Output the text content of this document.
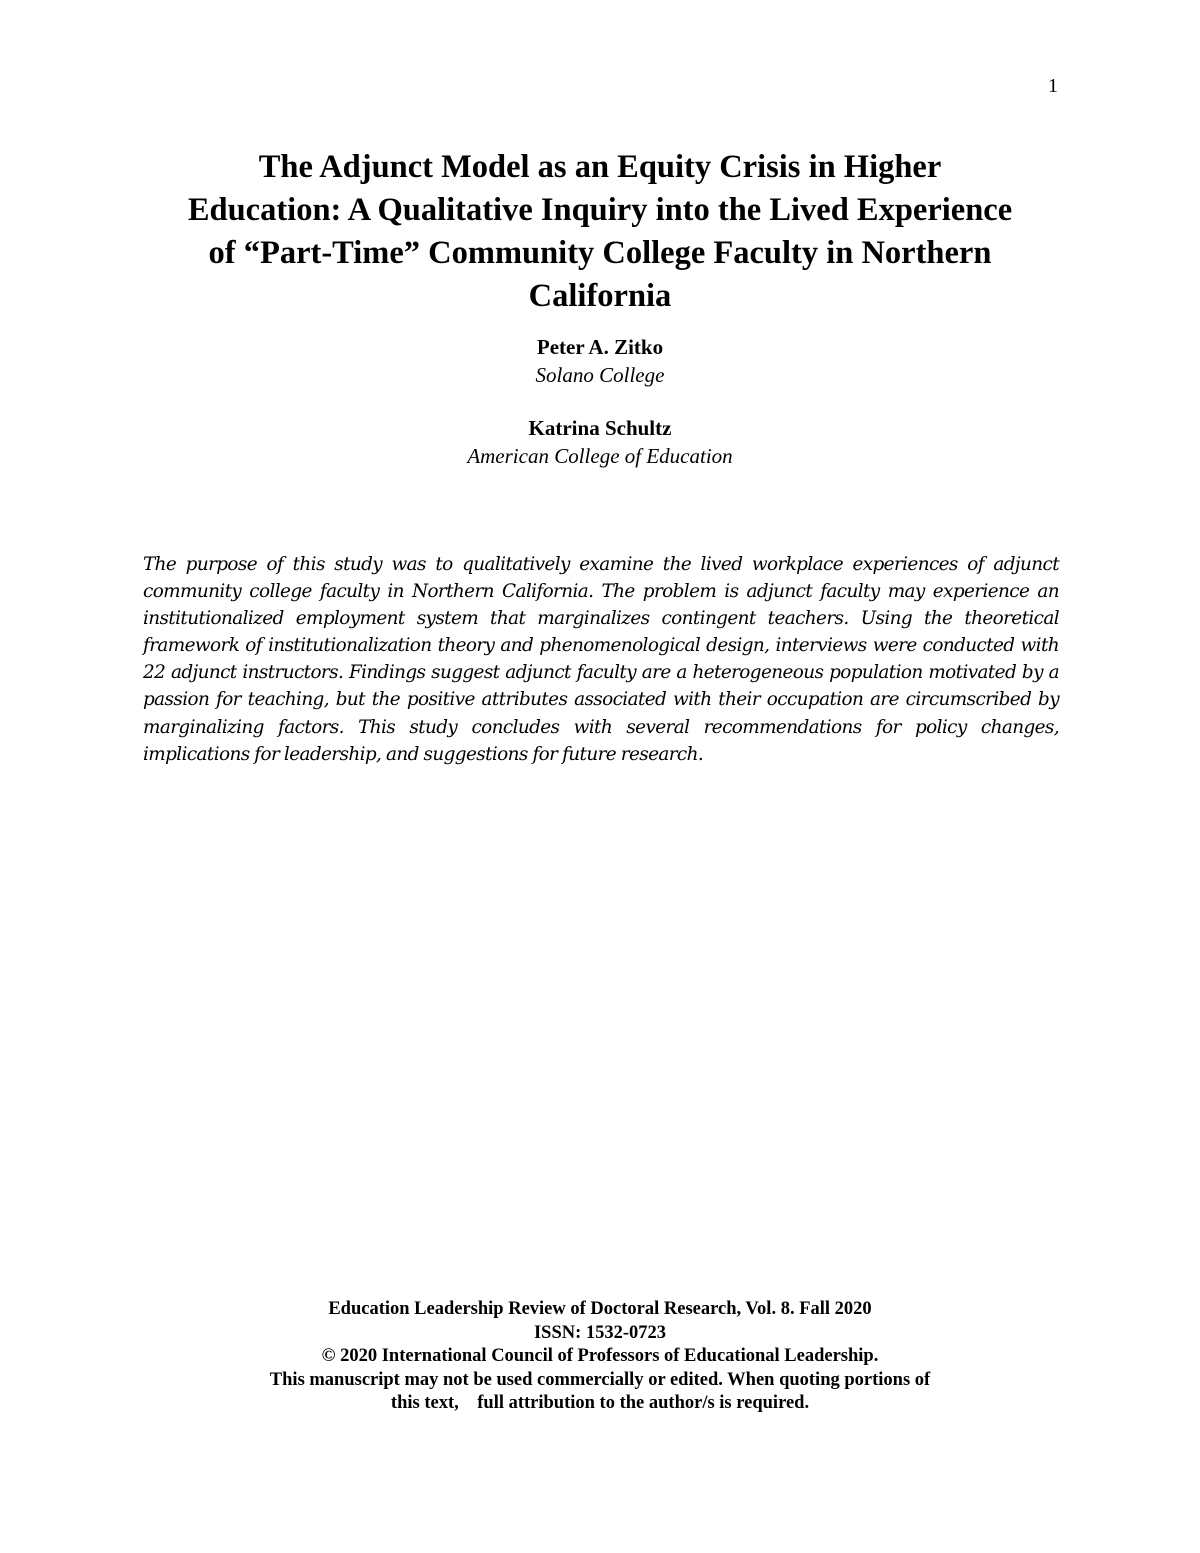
1
The Adjunct Model as an Equity Crisis in Higher
Education: A Qualitative Inquiry into the Lived Experience
of “Part-Time” Community College Faculty in Northern
California
Peter A. Zitko
Solano College
Katrina Schultz
American College of Education

The purpose of this study was to qualitatively examine the lived workplace experiences of adjunct community college faculty in Northern California. The problem is adjunct faculty may experience an institutionalized employment system that marginalizes contingent teachers. Using the theoretical framework of institutionalization theory and phenomenological design, interviews were conducted with 22 adjunct instructors. Findings suggest adjunct faculty are a heterogeneous population motivated by a passion for teaching, but the positive attributes associated with their occupation are circumscribed by marginalizing factors. This study concludes with several recommendations for policy changes, implications for leadership, and suggestions for future research.

Education Leadership Review of Doctoral Research, Vol. 8. Fall 2020
ISSN: 1532-0723
© 2020 International Council of Professors of Educational Leadership.
This manuscript may not be used commercially or edited. When quoting portions of
this text,    full attribution to the author/s is required.
